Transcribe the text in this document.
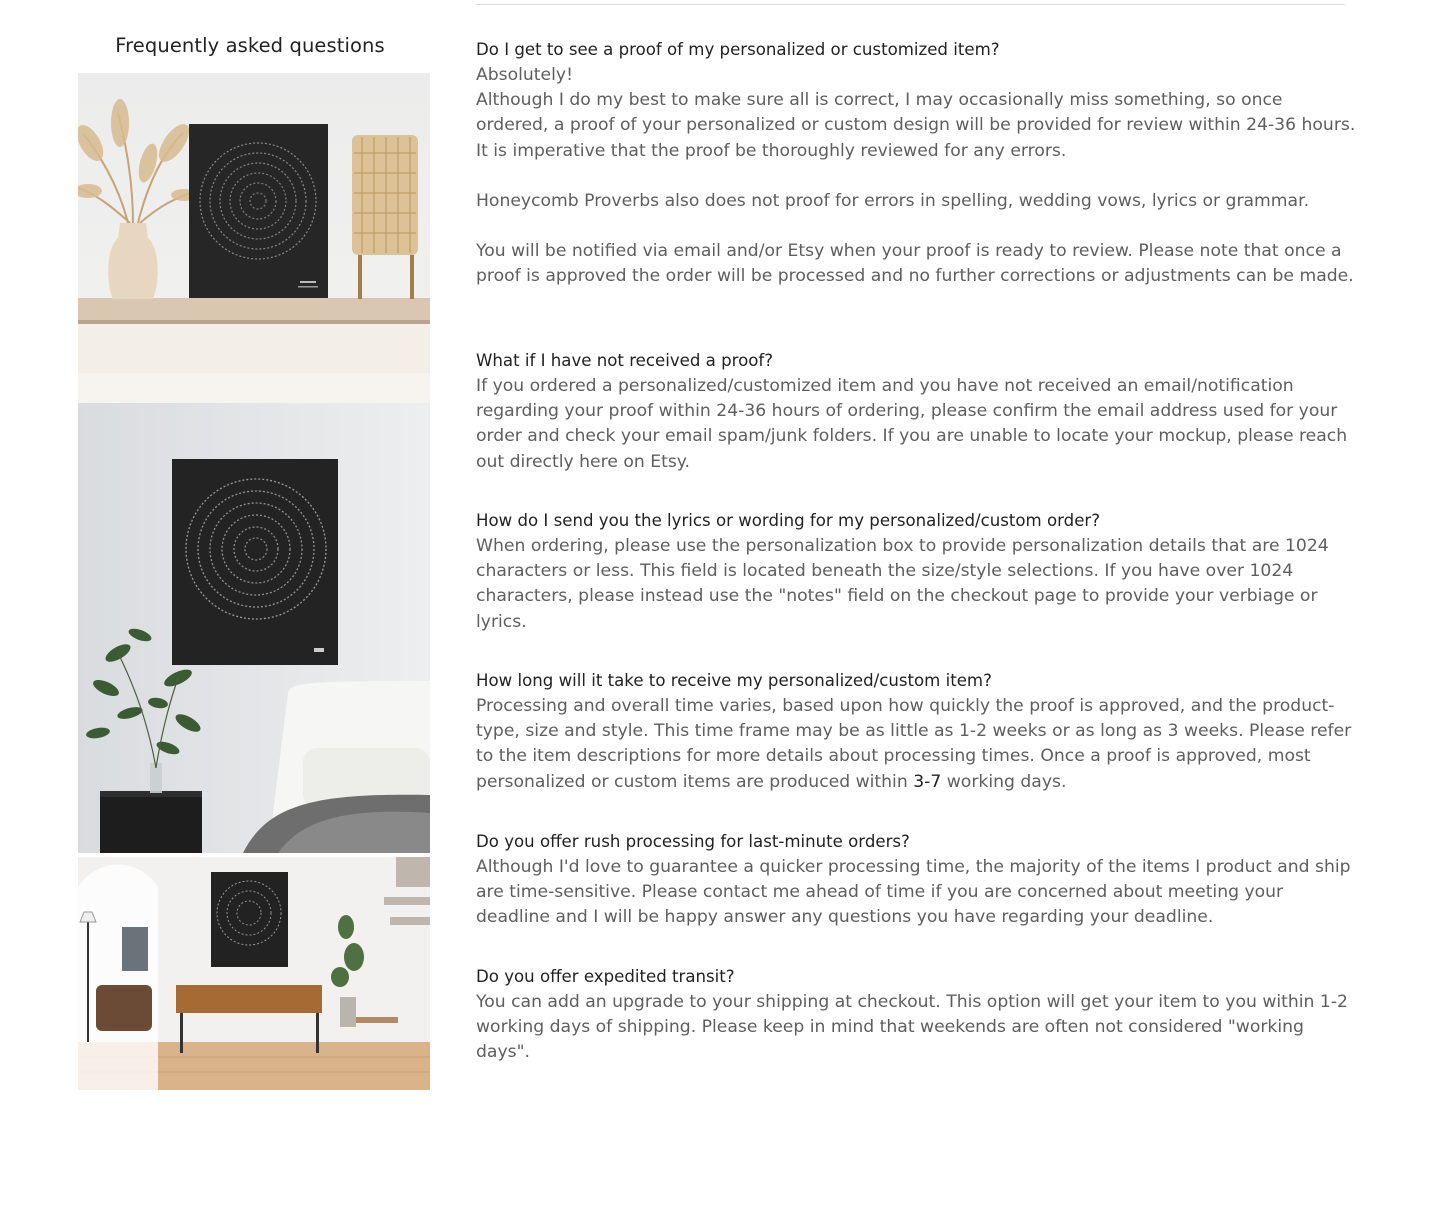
Frequently asked questions	Do I get to see a proof of my personalized or customized item?
Absolutely!
Although I do my best to make sure all is correct, I may occasionally miss something, so once ordered, a proof of your personalized or custom design will be provided for review within 24-36 hours. It is imperative that the proof be thoroughly reviewed for any errors.

Honeycomb Proverbs also does not proof for errors in spelling, wedding vows, lyrics or grammar.

You will be notified via email and/or Etsy when your proof is ready to review. Please note that once a proof is approved the order will be processed and no further corrections or adjustments can be made.

What if I have not received a proof?
If you ordered a personalized/customized item and you have not received an email/notification regarding your proof within 24-36 hours of ordering, please confirm the email address used for your order and check your email spam/junk folders. If you are unable to locate your mockup, please reach out directly here on Etsy.
How do I send you the lyrics or wording for my personalized/custom order?
When ordering, please use the personalization box to provide personalization details that are 1024 characters or less. This field is located beneath the size/style selections. If you have over 1024 characters, please instead use the "notes" field on the checkout page to provide your verbiage or lyrics.
How long will it take to receive my personalized/custom item?
Processing and overall time varies, based upon how quickly the proof is approved, and the product-type, size and style. This time frame may be as little as 1-2 weeks or as long as 3 weeks. Please refer to the item descriptions for more details about processing times. Once a proof is approved, most personalized or custom items are produced within 3-7 working days.
Do you offer rush processing for last-minute orders?
Although I'd love to guarantee a quicker processing time, the majority of the items I product and ship are time-sensitive. Please contact me ahead of time if you are concerned about meeting your deadline and I will be happy answer any questions you have regarding your deadline.
Do you offer expedited transit?
You can add an upgrade to your shipping at checkout. This option will get your item to you within 1-2 working days of shipping. Please keep in mind that weekends are often not considered "working days".
